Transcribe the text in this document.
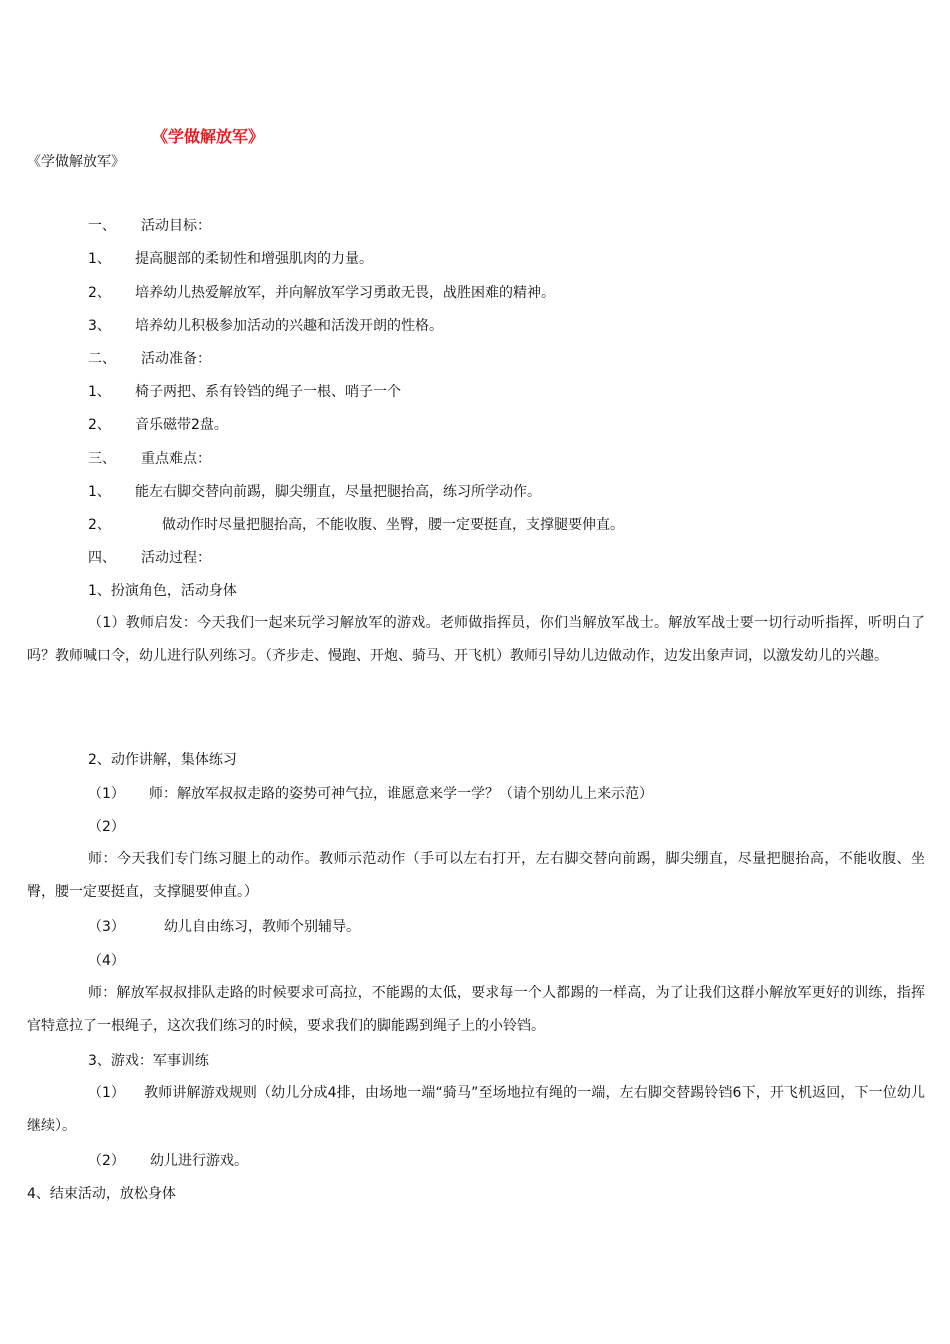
《学做解放军》
《学做解放军》
一、 活动目标：
1、 提高腿部的柔韧性和增强肌肉的力量。
2、 培养幼儿热爱解放军，并向解放军学习勇敢无畏，战胜困难的精神。
3、 培养幼儿积极参加活动的兴趣和活泼开朗的性格。
二、 活动准备：
1、 椅子两把、系有铃铛的绳子一根、哨子一个
2、 音乐磁带2盘。
三、 重点难点：
1、 能左右脚交替向前踢，脚尖绷直，尽量把腿抬高，练习所学动作。
2、	做动作时尽量把腿抬高，不能收腹、坐臀，腰一定要挺直，支撑腿要伸直。
四、 活动过程：
1、扮演角色，活动身体
（1）教师启发：今天我们一起来玩学习解放军的游戏。老师做指挥员，你们当解放军战士。解放军战士要一切行动听指挥，听明白了吗？教师喊口令，幼儿进行队列练习。（齐步走、慢跑、开炮、骑马、开飞机）教师引导幼儿边做动作，边发出象声词，以激发幼儿的兴趣。
2、动作讲解，集体练习
（1） 师：解放军叔叔走路的姿势可神气拉，谁愿意来学一学？（请个别幼儿上来示范）
（2）
师：今天我们专门练习腿上的动作。教师示范动作（手可以左右打开，左右脚交替向前踢，脚尖绷直，尽量把腿抬高，不能收腹、坐臀，腰一定要挺直，支撑腿要伸直。）
（3）	幼儿自由练习，教师个别辅导。
（4）
师：解放军叔叔排队走路的时候要求可高拉，不能踢的太低，要求每一个人都踢的一样高，为了让我们这群小解放军更好的训练，指挥官特意拉了一根绳子，这次我们练习的时候，要求我们的脚能踢到绳子上的小铃铛。
3、游戏：军事训练
（1） 教师讲解游戏规则（幼儿分成4排，由场地一端“骑马”至场地拉有绳的一端，左右脚交替踢铃铛6下，开飞机返回，下一位幼儿继续）。
（2） 幼儿进行游戏。
4、结束活动，放松身体
